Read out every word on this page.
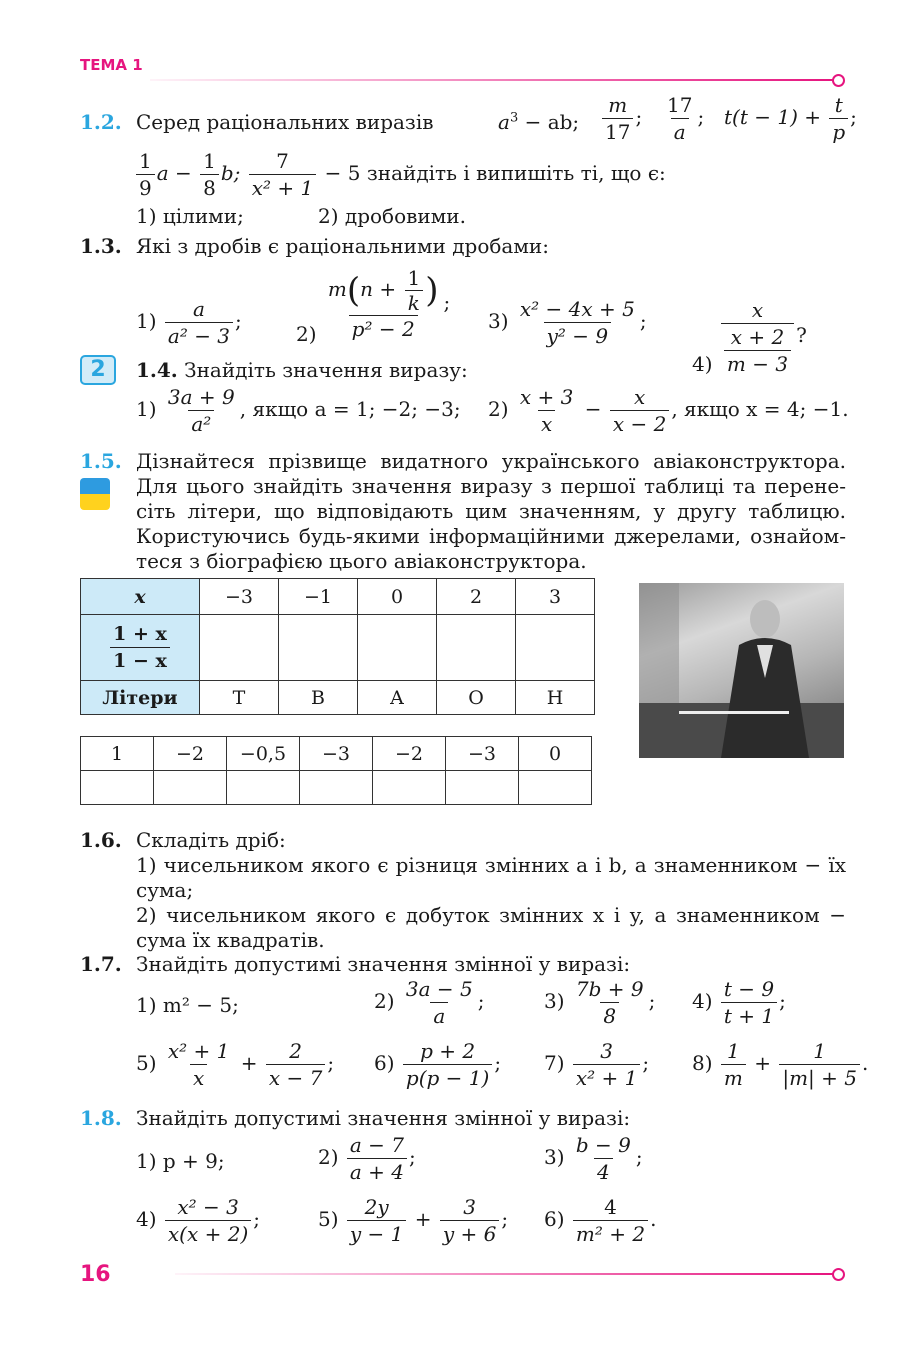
ТЕМА 1
1.2. Серед раціональних виразів	$a^3$ − ab; $\frac{m}{17}$ ; $\frac{17}{a}$ ; $t(t - 1) + \frac{t}{p}$ ;
$\frac{1}{9}$ $a - \frac{1}{8} b$; $\frac{7}{\text{x² + 1}} - 5$ знайдіть і випишіть ті, що є:
1) цілими;	2) дробовими.
1.3. Які з дробів є раціональними дробами:
$1) \frac{a}{\text{a² − 3}}$ ;
$2) \frac{m(n + \frac{1}{k} )}{\text{p² − 2}}$ ;
$3) \frac{\text{x² − 4x + 5}}{\text{y² − 9}}$ ;
$4) \frac{x}{\frac{x + 2}{m - 3}}$ ?
2	1.4. Знайдіть значення виразу:
$1) \frac{3a + 9}{\text{a²}}$ , якщо a = 1; −2; −3; $2) \frac{x + 3}{x} - \frac{x}{x - 2}$ , якщо x = 4; −1.
1.5. Дізнайтеся прізвище видатного українського авіаконструктора.
Для цього знайдіть значення виразу з першої таблиці та перене-
сіть літери, що відповідають цим значенням, у другу таблицю.
Користуючись будь-якими інформаційними джерелами, ознайом-
теся з біографією цього авіаконструктора.
x	−3	−1	0	2	3

$\frac{1 + x}{1 - x}$

Літери	Т	В	А	О	Н
1	−2	−0,5	−3	−2	−3	0

1.6. Складіть дріб:
1) чисельником якого є різниця змінних a і b, а знаменником − їх
сума;
2) чисельником якого є добуток змінних x і y, а знаменником −
сума їх квадратів.
1.7. Знайдіть допустимі значення змінної у виразі:
1) m² − 5;	$2) \frac{3a - 5}{a}$ ;	$3) \frac{7b + 9}{8}$ ; $4) \frac{t - 9}{t + 1}$ ;
$5) \frac{\text{x² + 1}}{x} + \frac{2}{x - 7}$ ; $6) \frac{p + 2}{p(p - 1)}$ ; $7) \frac{3}{\text{x² + 1}}$ ; $8) \frac{1}{m} + \frac{1}{|m| + 5}$ .
1.8. Знайдіть допустимі значення змінної у виразі:
1) p + 9;	$2) \frac{a - 7}{a + 4}$ ;	$3) \frac{b - 9}{4}$ ;
$4) \frac{\text{x² − 3}}{x(x + 2)}$ ;	$5) \frac{2y}{y - 1} + \frac{3}{y + 6}$ ; $6) \frac{4}{\text{m² + 2}}$ .
16
